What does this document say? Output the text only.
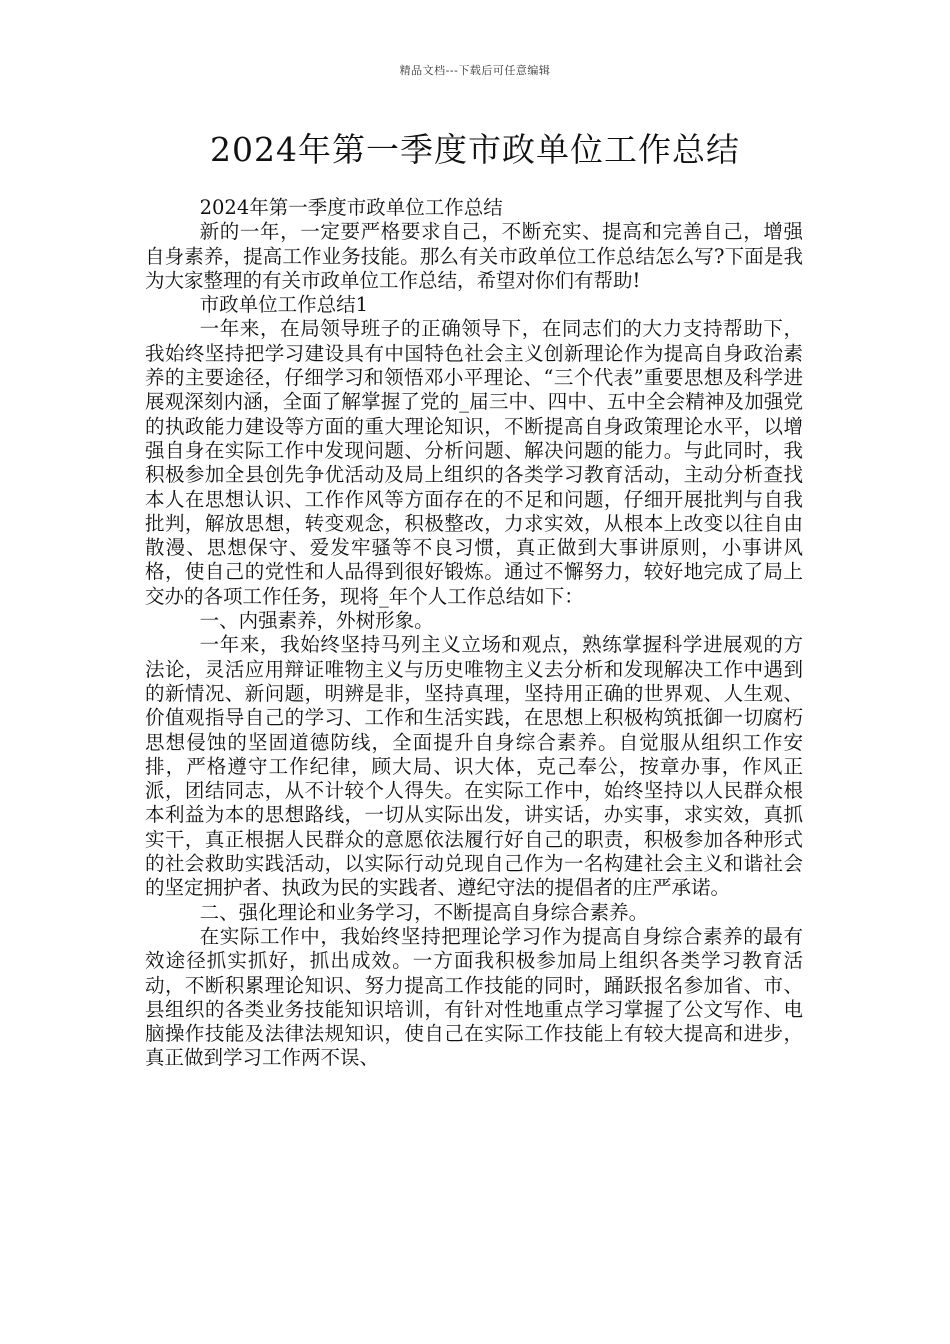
精品文档---下载后可任意编辑
2024年第一季度市政单位工作总结

2024年第一季度市政单位工作总结

新的一年，一定要严格要求自己，不断充实、提高和完善自己，增强自身素养，提高工作业务技能。那么有关市政单位工作总结怎么写?下面是我为大家整理的有关市政单位工作总结，希望对你们有帮助!

市政单位工作总结1

一年来，在局领导班子的正确领导下，在同志们的大力支持帮助下，我始终坚持把学习建设具有中国特色社会主义创新理论作为提高自身政治素养的主要途径，仔细学习和领悟邓小平理论、“三个代表”重要思想及科学进展观深刻内涵，全面了解掌握了党的_届三中、四中、五中全会精神及加强党的执政能力建设等方面的重大理论知识，不断提高自身政策理论水平，以增强自身在实际工作中发现问题、分析问题、解决问题的能力。与此同时，我积极参加全县创先争优活动及局上组织的各类学习教育活动，主动分析查找本人在思想认识、工作作风等方面存在的不足和问题，仔细开展批判与自我批判，解放思想，转变观念，积极整改，力求实效，从根本上改变以往自由散漫、思想保守、爱发牢骚等不良习惯，真正做到大事讲原则，小事讲风格，使自己的党性和人品得到很好锻炼。通过不懈努力，较好地完成了局上交办的各项工作任务，现将_年个人工作总结如下：

一、内强素养，外树形象。

一年来，我始终坚持马列主义立场和观点，熟练掌握科学进展观的方法论，灵活应用辩证唯物主义与历史唯物主义去分析和发现解决工作中遇到的新情况、新问题，明辨是非，坚持真理，坚持用正确的世界观、人生观、价值观指导自己的学习、工作和生活实践，在思想上积极构筑抵御一切腐朽思想侵蚀的坚固道德防线，全面提升自身综合素养。自觉服从组织工作安排，严格遵守工作纪律，顾大局、识大体，克己奉公，按章办事，作风正派，团结同志，从不计较个人得失。在实际工作中，始终坚持以人民群众根本利益为本的思想路线，一切从实际出发，讲实话，办实事，求实效，真抓实干，真正根据人民群众的意愿依法履行好自己的职责，积极参加各种形式的社会救助实践活动，以实际行动兑现自己作为一名构建社会主义和谐社会的坚定拥护者、执政为民的实践者、遵纪守法的提倡者的庄严承诺。

二、强化理论和业务学习，不断提高自身综合素养。

在实际工作中，我始终坚持把理论学习作为提高自身综合素养的最有效途径抓实抓好，抓出成效。一方面我积极参加局上组织各类学习教育活动，不断积累理论知识、努力提高工作技能的同时，踊跃报名参加省、市、县组织的各类业务技能知识培训，有针对性地重点学习掌握了公文写作、电脑操作技能及法律法规知识，使自己在实际工作技能上有较大提高和进步，真正做到学习工作两不误、
